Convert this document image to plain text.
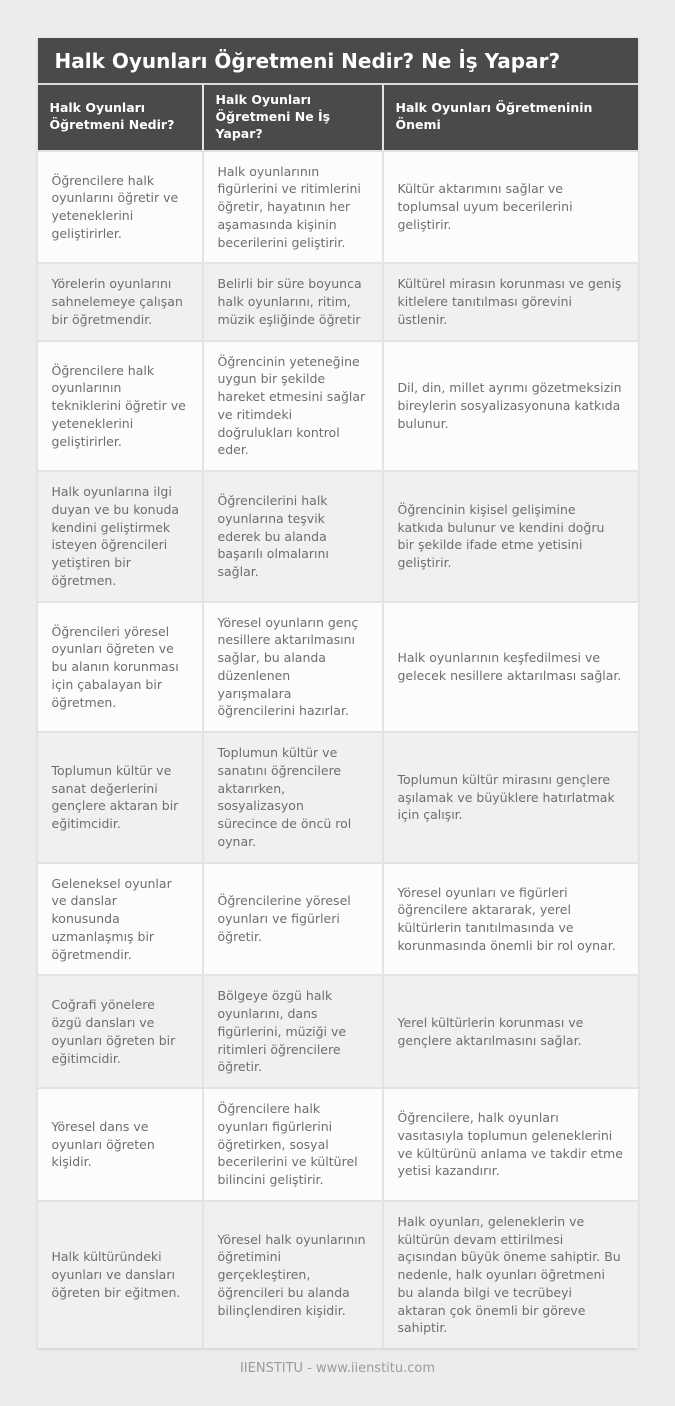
Halk Oyunları Öğretmeni Nedir? Ne İş Yapar?
Halk Oyunları Öğretmeni Nedir?	Halk Oyunları Öğretmeni Ne İş Yapar?	Halk Oyunları Öğretmeninin Önemi
Öğrencilere halk oyunlarını öğretir ve yeteneklerini geliştirirler.	Halk oyunlarının figürlerini ve ritimlerini öğretir, hayatının her aşamasında kişinin becerilerini geliştirir.	Kültür aktarımını sağlar ve toplumsal uyum becerilerini geliştirir.
Yörelerin oyunlarını sahnelemeye çalışan bir öğretmendir.	Belirli bir süre boyunca halk oyunlarını, ritim, müzik eşliğinde öğretir	Kültürel mirasın korunması ve geniş kitlelere tanıtılması görevini üstlenir.
Öğrencilere halk oyunlarının tekniklerini öğretir ve yeteneklerini geliştirirler.	Öğrencinin yeteneğine uygun bir şekilde hareket etmesini sağlar ve ritimdeki doğrulukları kontrol eder.	Dil, din, millet ayrımı gözetmeksizin bireylerin sosyalizasyonuna katkıda bulunur.
Halk oyunlarına ilgi duyan ve bu konuda kendini geliştirmek isteyen öğrencileri yetiştiren bir öğretmen.	Öğrencilerini halk oyunlarına teşvik ederek bu alanda başarılı olmalarını sağlar.	Öğrencinin kişisel gelişimine katkıda bulunur ve kendini doğru bir şekilde ifade etme yetisini geliştirir.
Öğrencileri yöresel oyunları öğreten ve bu alanın korunması için çabalayan bir öğretmen.	Yöresel oyunların genç nesillere aktarılmasını sağlar, bu alanda düzenlenen yarışmalara öğrencilerini hazırlar.	Halk oyunlarının keşfedilmesi ve gelecek nesillere aktarılması sağlar.
Toplumun kültür ve sanat değerlerini gençlere aktaran bir eğitimcidir.	Toplumun kültür ve sanatını öğrencilere aktarırken, sosyalizasyon sürecince de öncü rol oynar.	Toplumun kültür mirasını gençlere aşılamak ve büyüklere hatırlatmak için çalışır.
Geleneksel oyunlar ve danslar konusunda uzmanlaşmış bir öğretmendir.	Öğrencilerine yöresel oyunları ve figürleri öğretir.	Yöresel oyunları ve figürleri öğrencilere aktararak, yerel kültürlerin tanıtılmasında ve korunmasında önemli bir rol oynar.
Coğrafi yönelere özgü dansları ve oyunları öğreten bir eğitimcidir.	Bölgeye özgü halk oyunlarını, dans figürlerini, müziği ve ritimleri öğrencilere öğretir.	Yerel kültürlerin korunması ve gençlere aktarılmasını sağlar.
Yöresel dans ve oyunları öğreten kişidir.	Öğrencilere halk oyunları figürlerini öğretirken, sosyal becerilerini ve kültürel bilincini geliştirir.	Öğrencilere, halk oyunları vasıtasıyla toplumun geleneklerini ve kültürünü anlama ve takdir etme yetisi kazandırır.
Halk kültüründeki oyunları ve dansları öğreten bir eğitmen.	Yöresel halk oyunlarının öğretimini gerçekleştiren, öğrencileri bu alanda bilinçlendiren kişidir.	Halk oyunları, geleneklerin ve kültürün devam ettirilmesi açısından büyük öneme sahiptir. Bu nedenle, halk oyunları öğretmeni bu alanda bilgi ve tecrübeyi aktaran çok önemli bir göreve sahiptir.
IIENSTITU - www.iienstitu.com
